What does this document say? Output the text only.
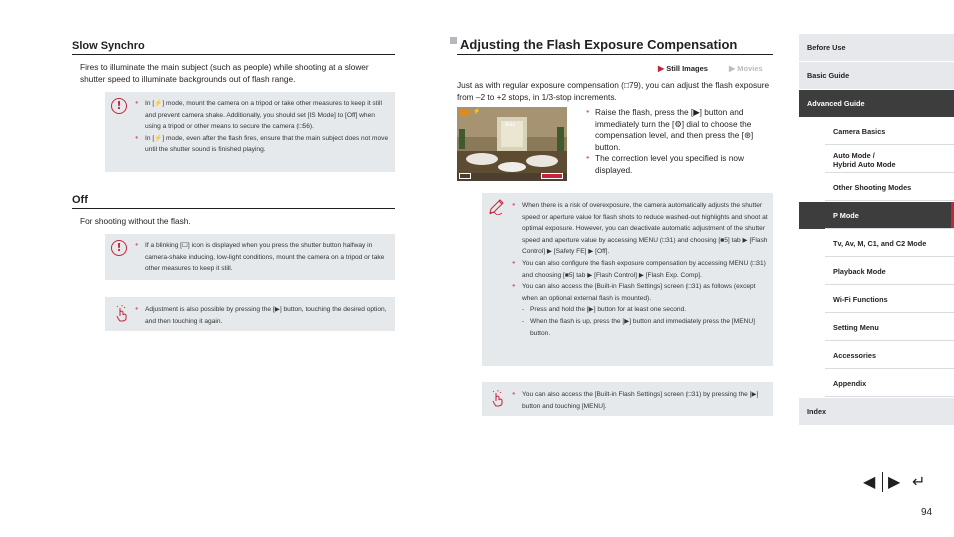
Slow Synchro
Fires to illuminate the main subject (such as people) while shooting at a slower shutter speed to illuminate backgrounds out of flash range.
!	● In [⚡] mode, mount the camera on a tripod or take other measures to keep it still and prevent camera shake. Additionally, you should set [IS Mode] to [Off] when using a tripod or other means to secure the camera (□56).
● In [⚡] mode, even after the flash fires, ensure that the main subject does not move until the shutter sound is finished playing.
Off
For shooting without the flash.
!	● If a blinking [☐] icon is displayed when you press the shutter button halfway in camera-shake inducing, low-light conditions, mount the camera on a tripod or take other measures to keep it still.
● Adjustment is also possible by pressing the [▶] button, touching the desired option, and then touching it again.
Adjusting the Flash Exposure Compensation
▶ Still Images	▶ Movies
Just as with regular exposure compensation (□79), you can adjust the flash exposure from –2 to +2 stops, in 1/3-stop increments.
⚡
Auto
● Raise the flash, press the [▶] button and immediately turn the [⚙] dial to choose the compensation level, and then press the [⊛] button.
● The correction level you specified is now displayed.
● When there is a risk of overexposure, the camera automatically adjusts the shutter speed or aperture value for flash shots to reduce washed-out highlights and shoot at optimal exposure. However, you can deactivate automatic adjustment of the shutter speed and aperture value by accessing MENU (□31) and choosing [■5] tab ▶ [Flash Control] ▶ [Safety FE] ▶ [Off].
● You can also configure the flash exposure compensation by accessing MENU (□31) and choosing [■5] tab ▶ [Flash Control] ▶ [Flash Exp. Comp].
● You can also access the [Built-in Flash Settings] screen (□31) as follows (except when an optional external flash is mounted).
- Press and hold the [▶] button for at least one second.
- When the flash is up, press the [▶] button and immediately press the [MENU] button.
● You can also access the [Built-in Flash Settings] screen (□31) by pressing the [▶] button and touching [MENU].
Before Use
Basic Guide
Advanced Guide
Camera Basics
Auto Mode /
Hybrid Auto Mode
Other Shooting Modes
P Mode
Tv, Av, M, C1, and C2 Mode
Playback Mode
Wi-Fi Functions
Setting Menu
Accessories
Appendix
Index
◀ ▶ ↵
94
